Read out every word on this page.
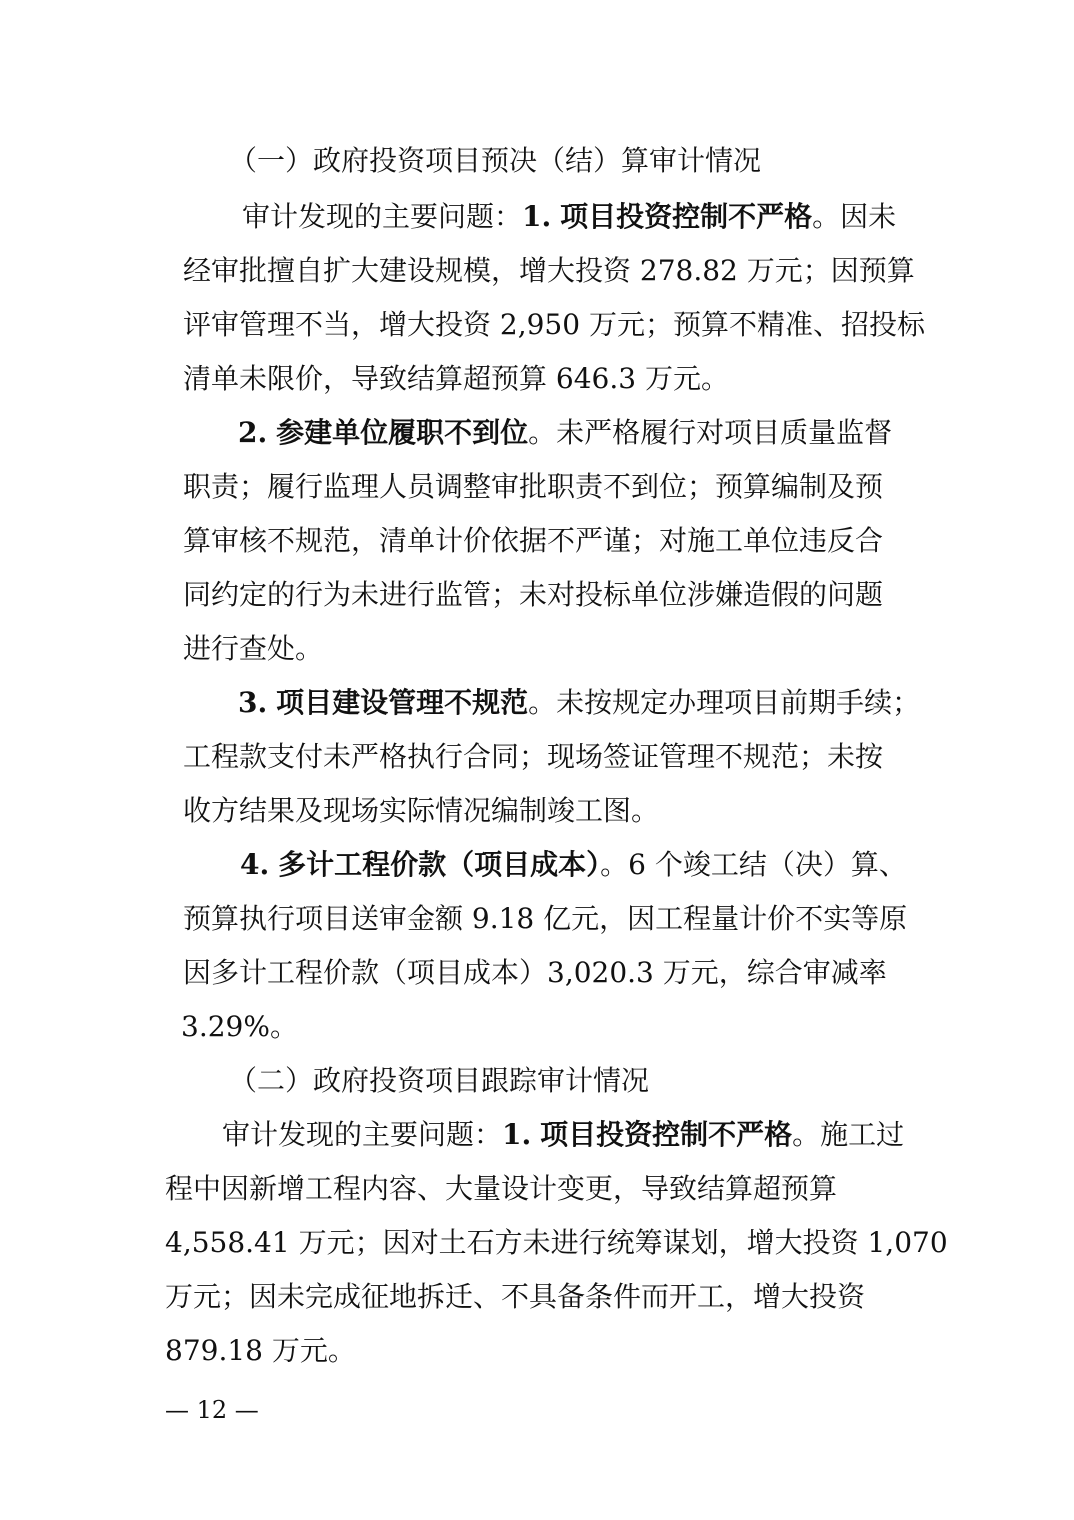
（一）政府投资项目预决（结）算审计情况
审计发现的主要问题：1. 项目投资控制不严格。因未
经审批擅自扩大建设规模，增大投资 278.82 万元；因预算
评审管理不当，增大投资 2,950 万元；预算不精准、招投标
清单未限价，导致结算超预算 646.3 万元。
2. 参建单位履职不到位。未严格履行对项目质量监督
职责；履行监理人员调整审批职责不到位；预算编制及预
算审核不规范，清单计价依据不严谨；对施工单位违反合
同约定的行为未进行监管；未对投标单位涉嫌造假的问题
进行查处。
3. 项目建设管理不规范。未按规定办理项目前期手续；
工程款支付未严格执行合同；现场签证管理不规范；未按
收方结果及现场实际情况编制竣工图。
4. 多计工程价款（项目成本）。6 个竣工结（决）算、
预算执行项目送审金额 9.18 亿元，因工程量计价不实等原
因多计工程价款（项目成本）3,020.3 万元，综合审减率
3.29%。
（二）政府投资项目跟踪审计情况
审计发现的主要问题：1. 项目投资控制不严格。施工过
程中因新增工程内容、大量设计变更，导致结算超预算
4,558.41 万元；因对土石方未进行统筹谋划，增大投资 1,070
万元；因未完成征地拆迁、不具备条件而开工，增大投资
879.18 万元。
— 12 —
